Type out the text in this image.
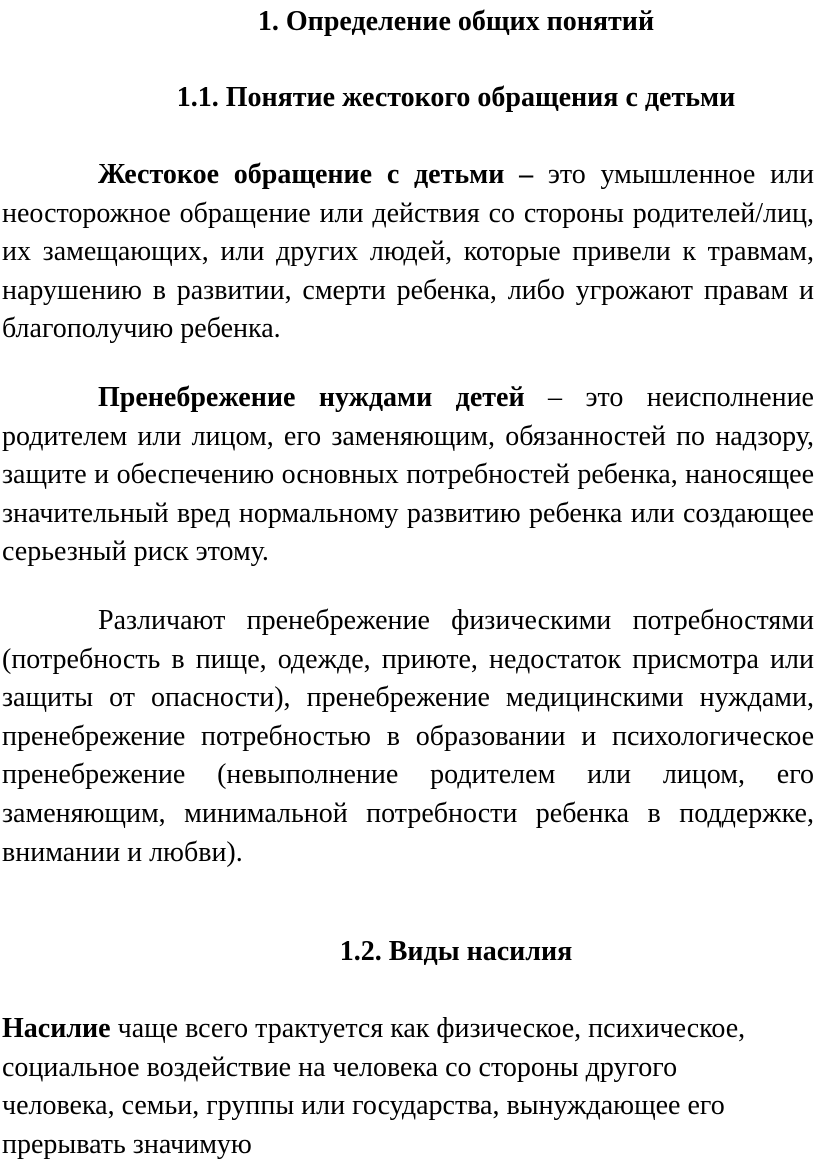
1. Определение общих понятий
1.1. Понятие жестокого обращения с детьми

Жестокое обращение с детьми – это умышленное или неосторожное обращение или действия со стороны родителей/лиц, их замещающих, или других людей, которые привели к травмам, нарушению в развитии, смерти ребенка, либо угрожают правам и благополучию ребенка.

Пренебрежение нуждами детей – это неисполнение родителем или лицом, его заменяющим, обязанностей по надзору, защите и обеспечению основных потребностей ребенка, наносящее значительный вред нормальному развитию ребенка или создающее серьезный риск этому.

Различают пренебрежение физическими потребностями (потребность в пище, одежде, приюте, недостаток присмотра или защиты от опасности), пренебрежение медицинскими нуждами, пренебрежение потребностью в образовании и психологическое пренебрежение (невыполнение родителем или лицом, его заменяющим, минимальной потребности ребенка в поддержке, внимании и любви).

1.2. Виды насилия

Насилие чаще всего трактуется как физическое, психическое, социальное воздействие на человека со стороны другого человека, семьи, группы или государства, вынуждающее его прерывать значимую
